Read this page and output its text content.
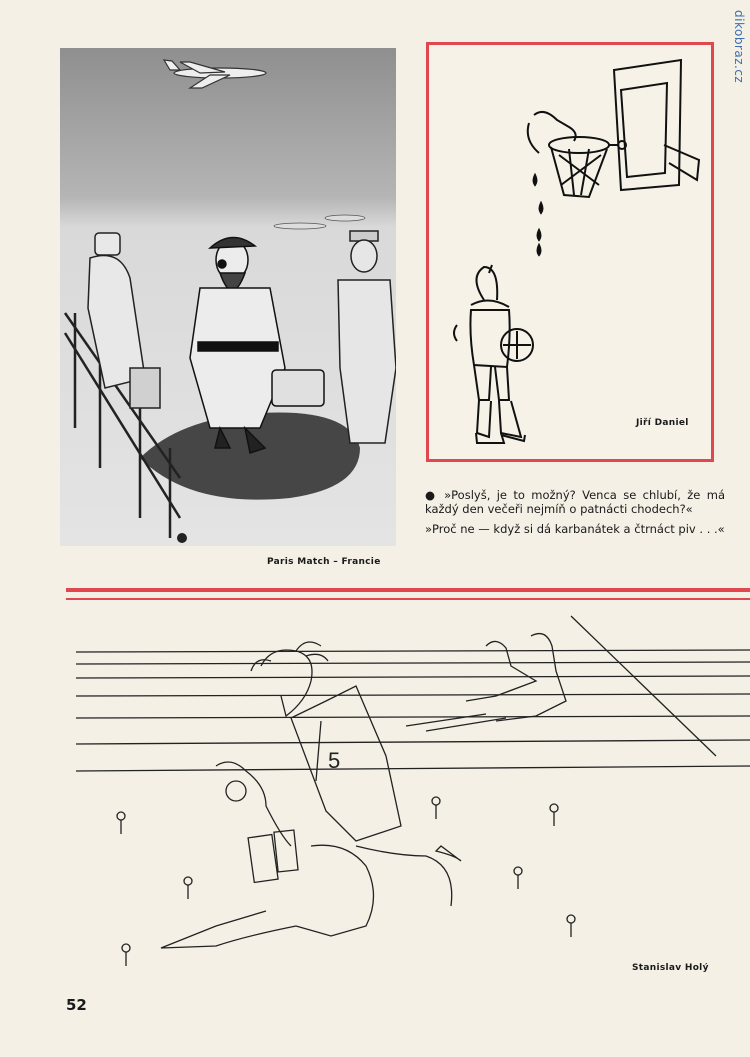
dikobraz.cz
Paris Match – Francie
Jiří Daniel

● »Poslyš, je to možný? Venca se chlubí, že má každý den večeři nejmíň o patnácti chodech?«

»Proč ne — když si dá karbanátek a čtrnáct piv . . .«

5
Stanislav Holý
52
